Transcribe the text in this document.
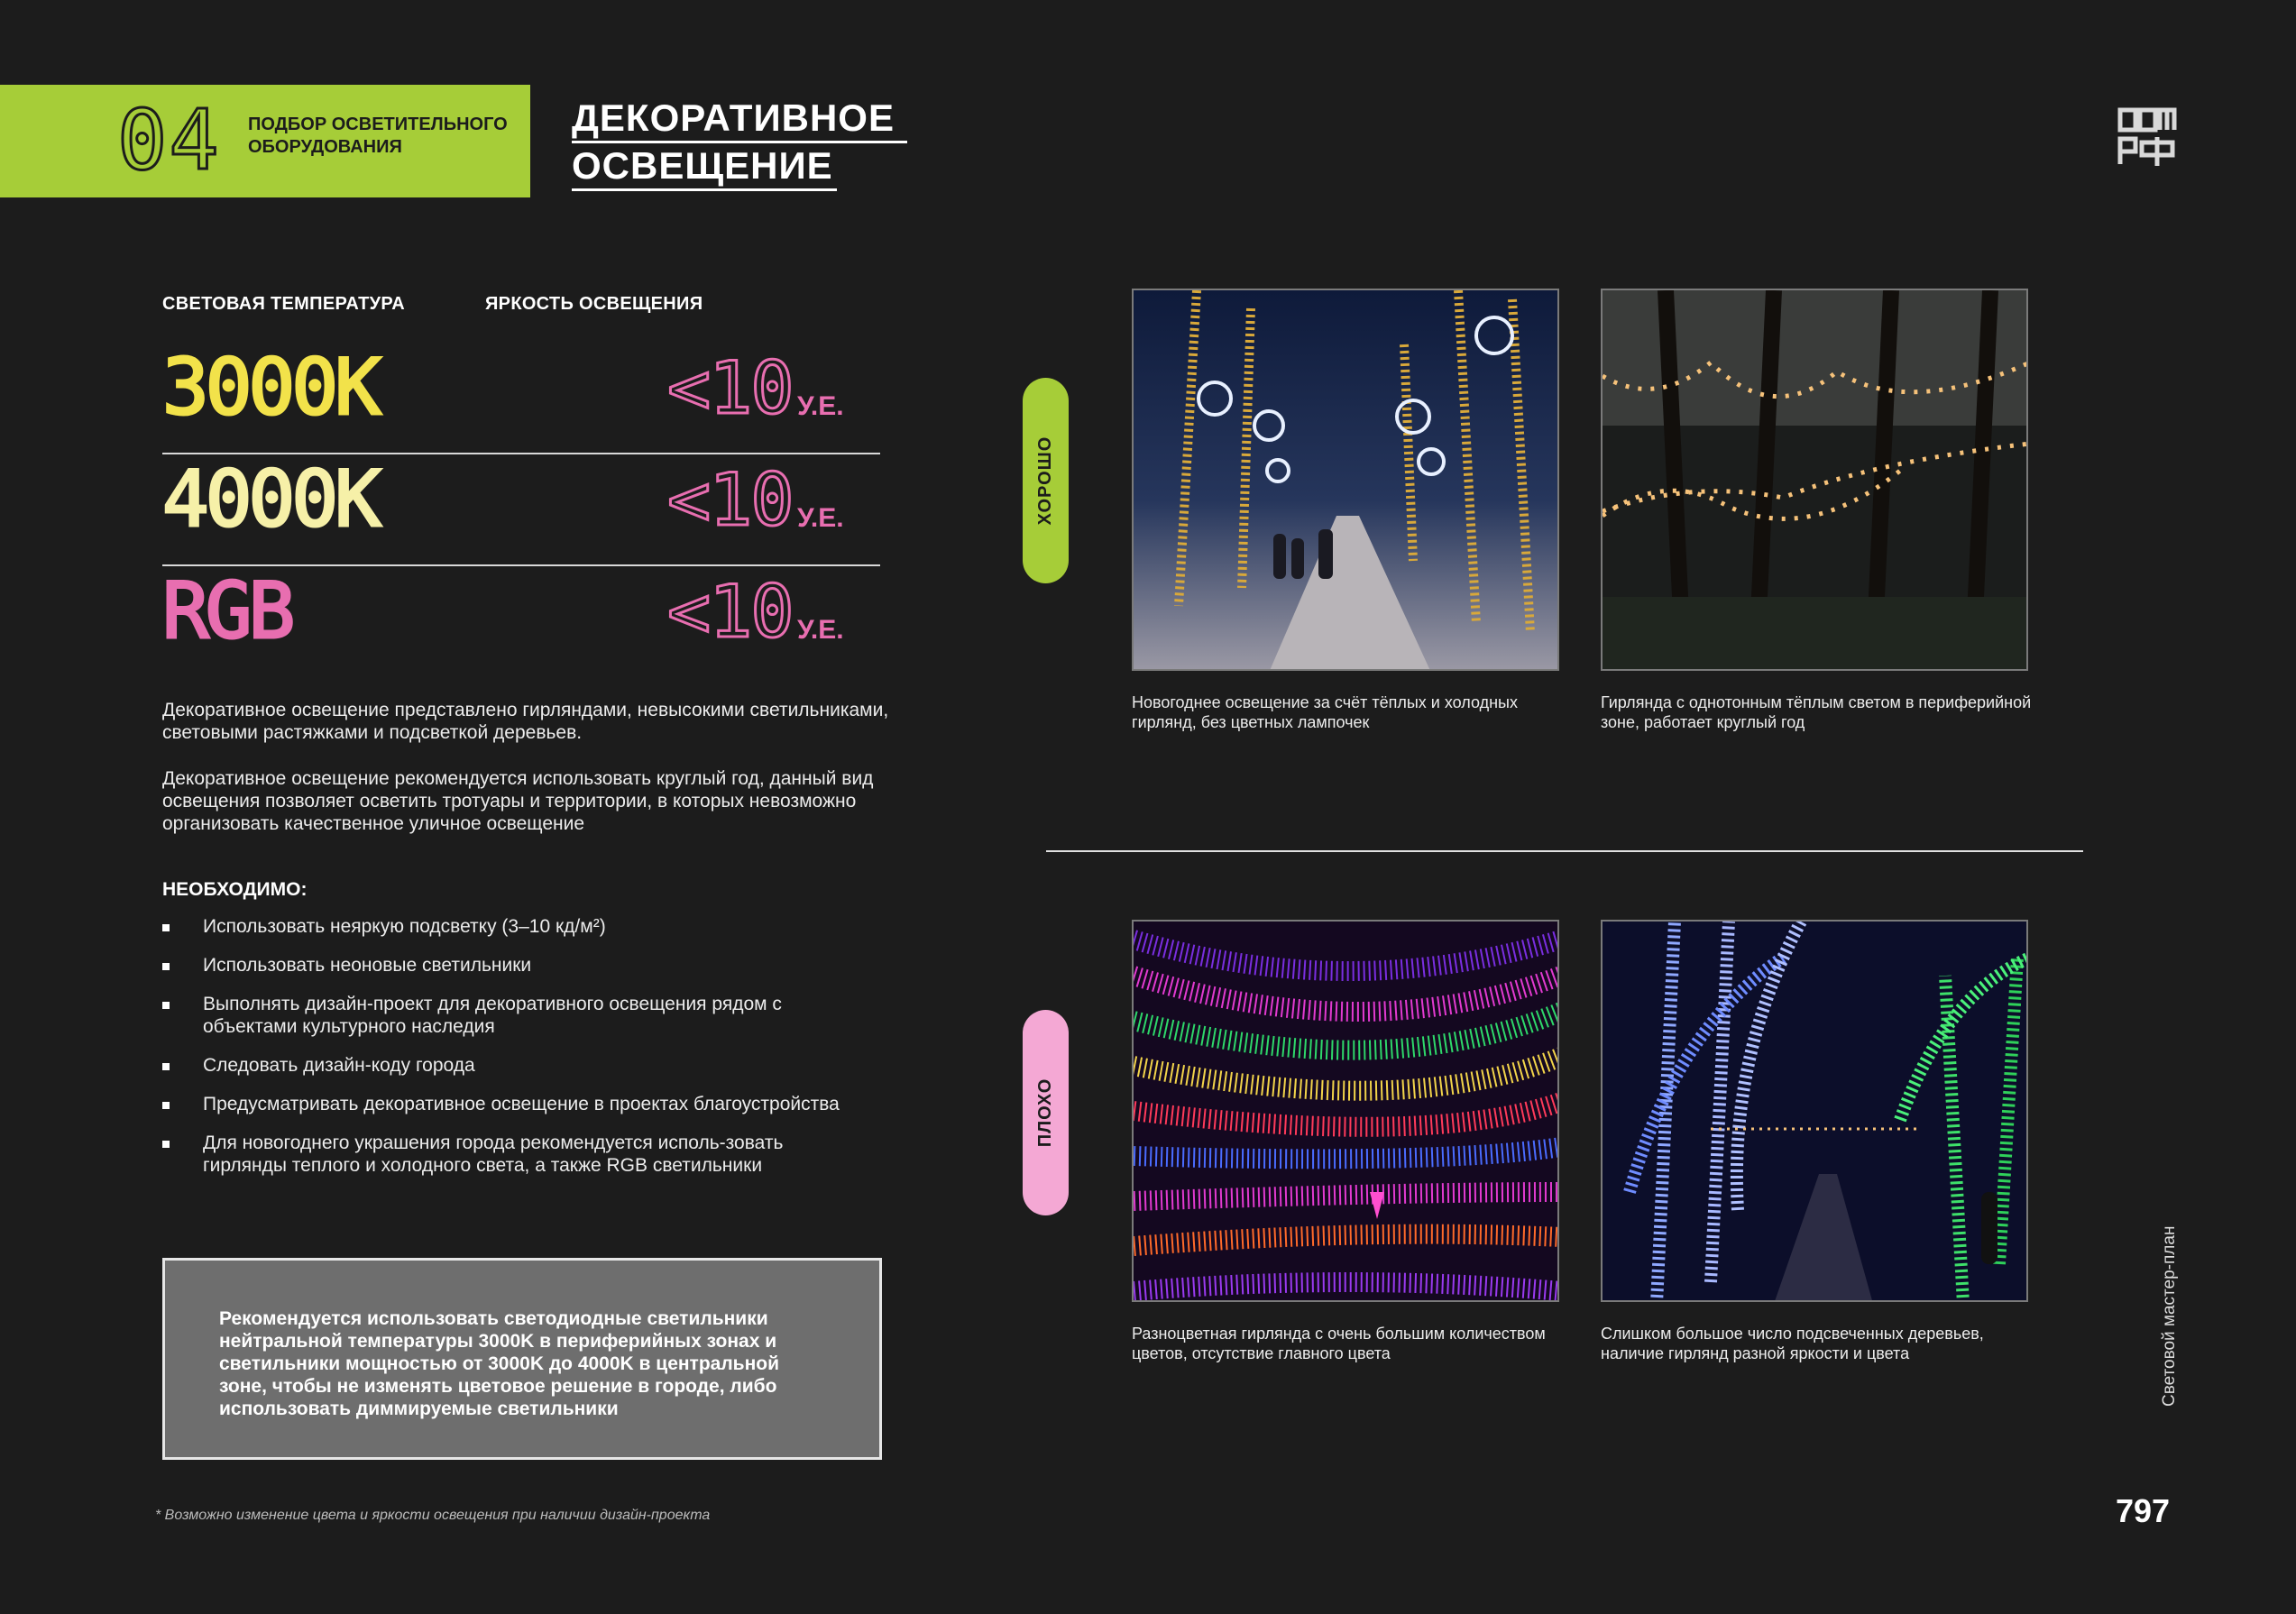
04 ПОДБОР ОСВЕТИТЕЛЬНОГО ОБОРУДОВАНИЯ
ДЕКОРАТИВНОЕ
ОСВЕЩЕНИЕ
СВЕТОВАЯ ТЕМПЕРАТУРА	ЯРКОСТЬ ОСВЕЩЕНИЯ
3000K	<10 У.Е.
4000K	<10 У.Е.
RGB	<10 У.Е.
Декоративное освещение представлено гирляндами, невысокими светильниками, световыми растяжками и подсветкой деревьев.
Декоративное освещение рекомендуется использовать круглый год, данный вид освещения позволяет осветить тротуары и территории, в которых невозможно организовать качественное уличное освещение
НЕОБХОДИМО:
Использовать неяркую подсветку (3–10 кд/м²)
Использовать неоновые светильники
Выполнять дизайн-проект для декоративного освещения рядом с объектами культурного наследия
Следовать дизайн-коду города
Предусматривать декоративное освещение в проектах благоустройства
Для новогоднего украшения города рекомендуется исполь-зовать гирлянды теплого и холодного света, а также RGB светильники
Рекомендуется использовать светодиодные светильники нейтральной температуры 3000K в периферийных зонах и светильники мощностью от 3000K до 4000K в центральной зоне, чтобы не изменять цветовое решение в городе, либо использовать диммируемые светильники
* Возможно изменение цвета и яркости освещения при наличии дизайн-проекта
ХОРОШО
Новогоднее освещение за счёт тёплых и холодных гирлянд, без цветных лампочек
Гирлянда с однотонным тёплым светом в периферийной зоне, работает круглый год
ПЛОХО
Разноцветная гирлянда с очень большим количеством цветов, отсутствие главного цвета
Слишком большое число подсвеченных деревьев, наличие гирлянд разной яркости и цвета	Световой мастер-план
797
